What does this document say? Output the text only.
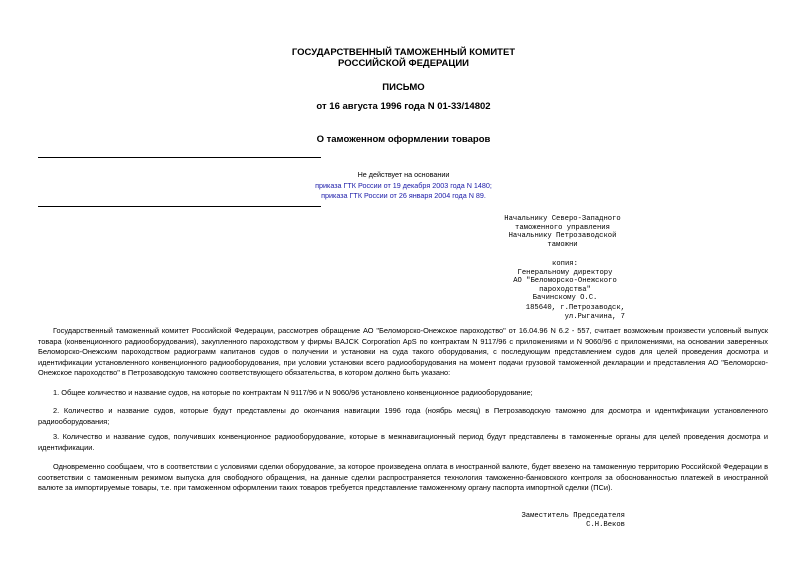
ГОСУДАРСТВЕННЫЙ ТАМОЖЕННЫЙ КОМИТЕТ
РОССИЙСКОЙ ФЕДЕРАЦИИ
ПИСЬМО
от 16 августа 1996 года N 01-33/14802
О таможенном оформлении товаров
Не действует на основании
приказа ГТК России от 19 декабря 2003 года N 1480;
приказа ГТК России от 26 января 2004 года N 89.
Начальнику Северо-Западного
таможенного управления
Начальнику Петрозаводской
таможни
копия:
Генеральному директору
АО "Беломорско-Онежского
пароходства"
Бачинскому О.С.
185640, г.Петрозаводск,
ул.Рыгачина, 7
Государственный таможенный комитет Российской Федерации, рассмотрев обращение АО "Беломорско-Онежское пароходство" от 16.04.96 N 6.2 - 557, считает возможным произвести условный выпуск товара (конвенционного радиооборудования), закупленного пароходством у фирмы BAJCK Corporation ApS по контрактам N 9117/96 с приложениями и N 9060/96 с приложениями, на основании заверенных Беломорско-Онежским пароходством радиограмм капитанов судов о получении и установки на суда такого оборудования, с последующим представлением судов для целей проведения досмотра и идентификации установленного конвенционного радиооборудования, при условии установки всего радиооборудования на момент подачи грузовой таможенной декларации и представления АО "Беломорско-Онежское пароходство" в Петрозаводскую таможню соответствующего обязательства, в котором должно быть указано:
1. Общее количество и название судов, на которые по контрактам N 9117/96 и N 9060/96 установлено конвенционное радиооборудование;
2. Количество и название судов, которые будут представлены до окончания навигации 1996 года (ноябрь месяц) в Петрозаводскую таможню для досмотра и идентификации установленного радиооборудования;
3. Количество и название судов, получивших конвенционное радиооборудование, которые в межнавигационный период будут представлены в таможенные органы для целей проведения досмотра и идентификации.
Одновременно сообщаем, что в соответствии с условиями сделки оборудование, за которое произведена оплата в иностранной валюте, будет ввезено на таможенную территорию Российской Федерации в соответствии с таможенным режимом выпуска для свободного обращения, на данные сделки распространяется технология таможенно-банковского контроля за обоснованностью платежей в иностранной валюте за импортируемые товары, т.е. при таможенном оформлении таких товаров требуется представление таможенному органу паспорта импортной сделки (ПСи).
Заместитель Председателя
С.Н.Веков
